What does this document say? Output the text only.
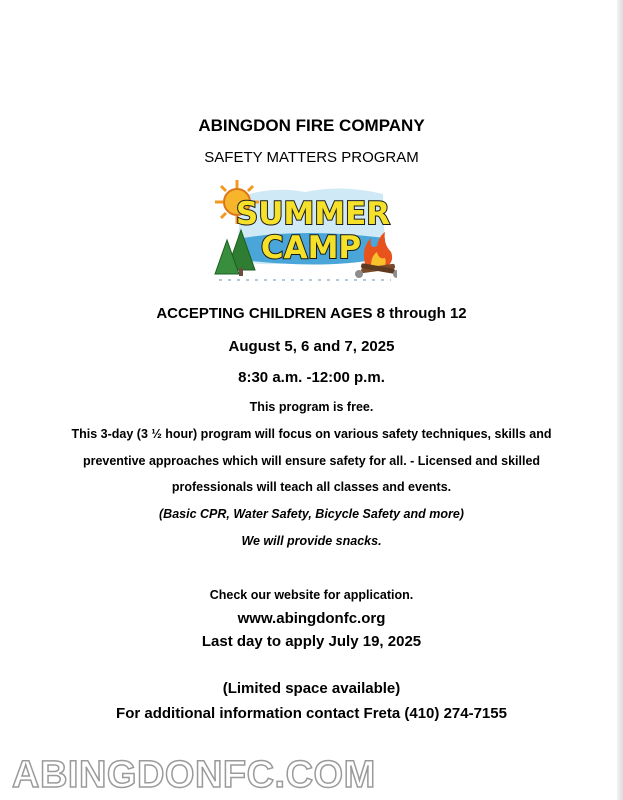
ABINGDON FIRE COMPANY
SAFETY MATTERS PROGRAM
SUMMER
CAMP
ACCEPTING CHILDREN AGES 8 through 12
August 5, 6 and 7, 2025
8:30 a.m. -12:00 p.m.
This program is free.
This 3-day (3 ½ hour) program will focus on various safety techniques, skills and
preventive approaches which will ensure safety for all. - Licensed and skilled
professionals will teach all classes and events.
(Basic CPR, Water Safety, Bicycle Safety and more)
We will provide snacks.
Check our website for application.
www.abingdonfc.org
Last day to apply July 19, 2025
(Limited space available)
For additional information contact Freta (410) 274-7155
ABINGDONFC.COM
